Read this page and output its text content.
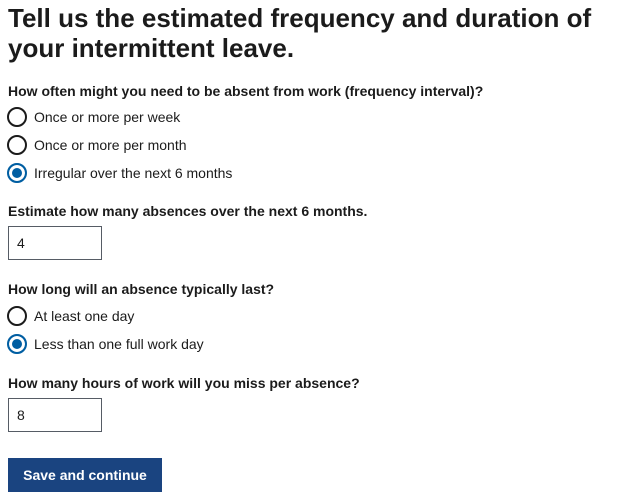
Tell us the estimated frequency and duration of your intermittent leave.
How often might you need to be absent from work (frequency interval)?
Once or more per week
Once or more per month
Irregular over the next 6 months
Estimate how many absences over the next 6 months.
4
How long will an absence typically last?
At least one day
Less than one full work day
How many hours of work will you miss per absence?
8
Save and continue
